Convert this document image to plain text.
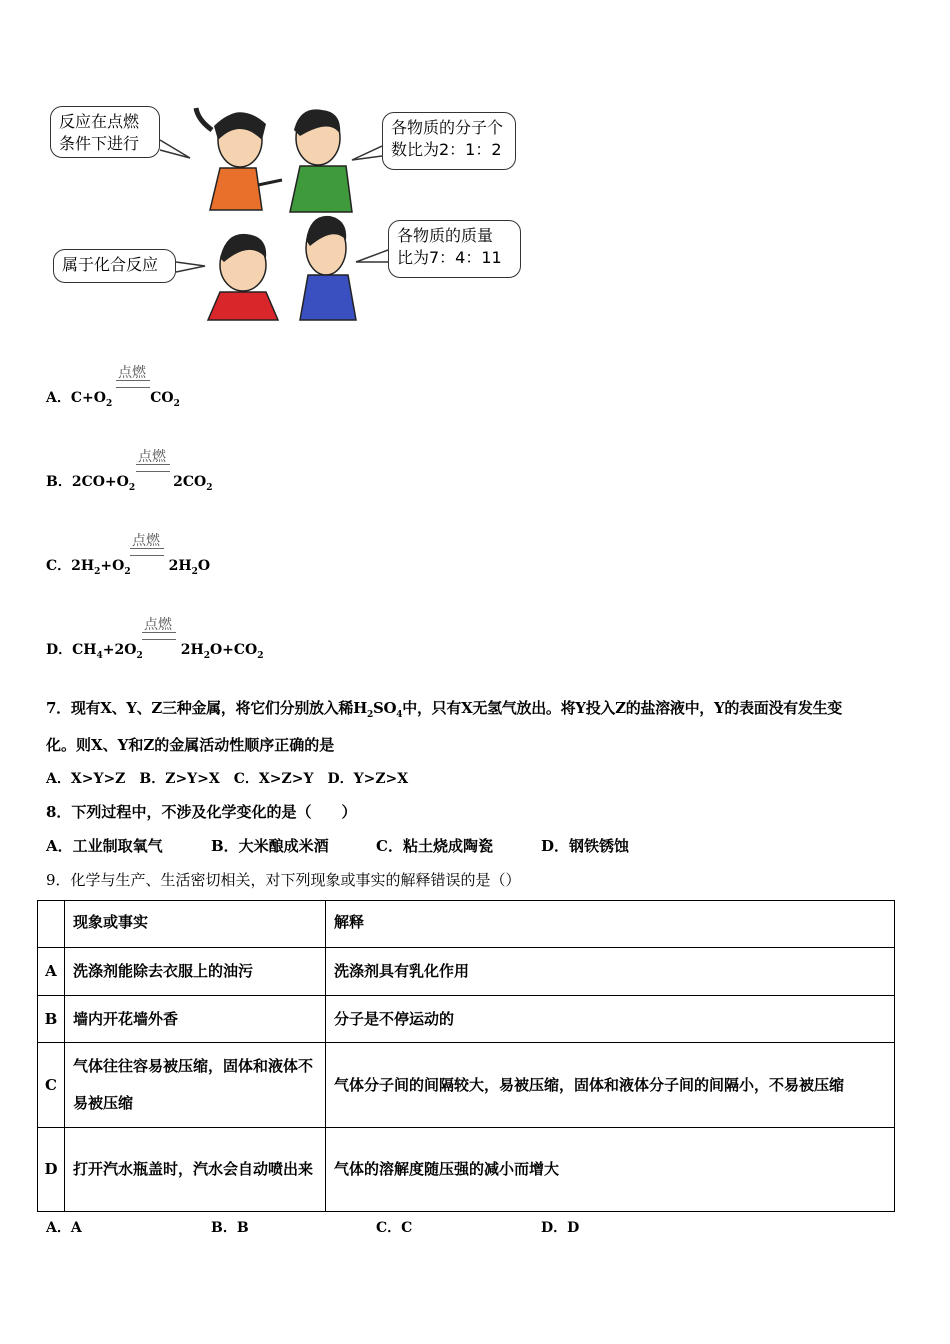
反应在点燃
条件下进行
各物质的分子个
数比为2：1：2
属于化合反应
各物质的质量
比为7：4：11
点燃
A．$C+O_2$	$CO_2$
点燃
B．$2CO+O_2$	$2CO_2$
点燃
C．$2H_2+O_2$	$2H_2O$
点燃
D．$CH_4+2O_2$	$2H_2O+CO_2$
7．现有X、Y、Z三种金属，将它们分别放入稀$H_2SO_4$中，只有X无氢气放出。将Y投入Z的盐溶液中，Y的表面没有发生变
化。则X、Y和Z的金属活动性顺序正确的是
A．X>Y>Z　B．Z>Y>X　C．X>Z>Y　D．Y>Z>X
8．下列过程中，不涉及化学变化的是（　　）
A．工业制取氧气	B．大米酿成米酒	C．粘土烧成陶瓷	D．钢铁锈蚀
9．化学与生产、生活密切相关，对下列现象或事实的解释错误的是（）
	现象或事实	解释
A	洗涤剂能除去衣服上的油污	洗涤剂具有乳化作用
B	墙内开花墙外香	分子是不停运动的
C	气体往往容易被压缩，固体和液体不易被压缩	气体分子间的间隔较大，易被压缩，固体和液体分子间的间隔小，不易被压缩
D	打开汽水瓶盖时，汽水会自动喷出来	气体的溶解度随压强的减小而增大
A．A	B．B	C．C	D．D
